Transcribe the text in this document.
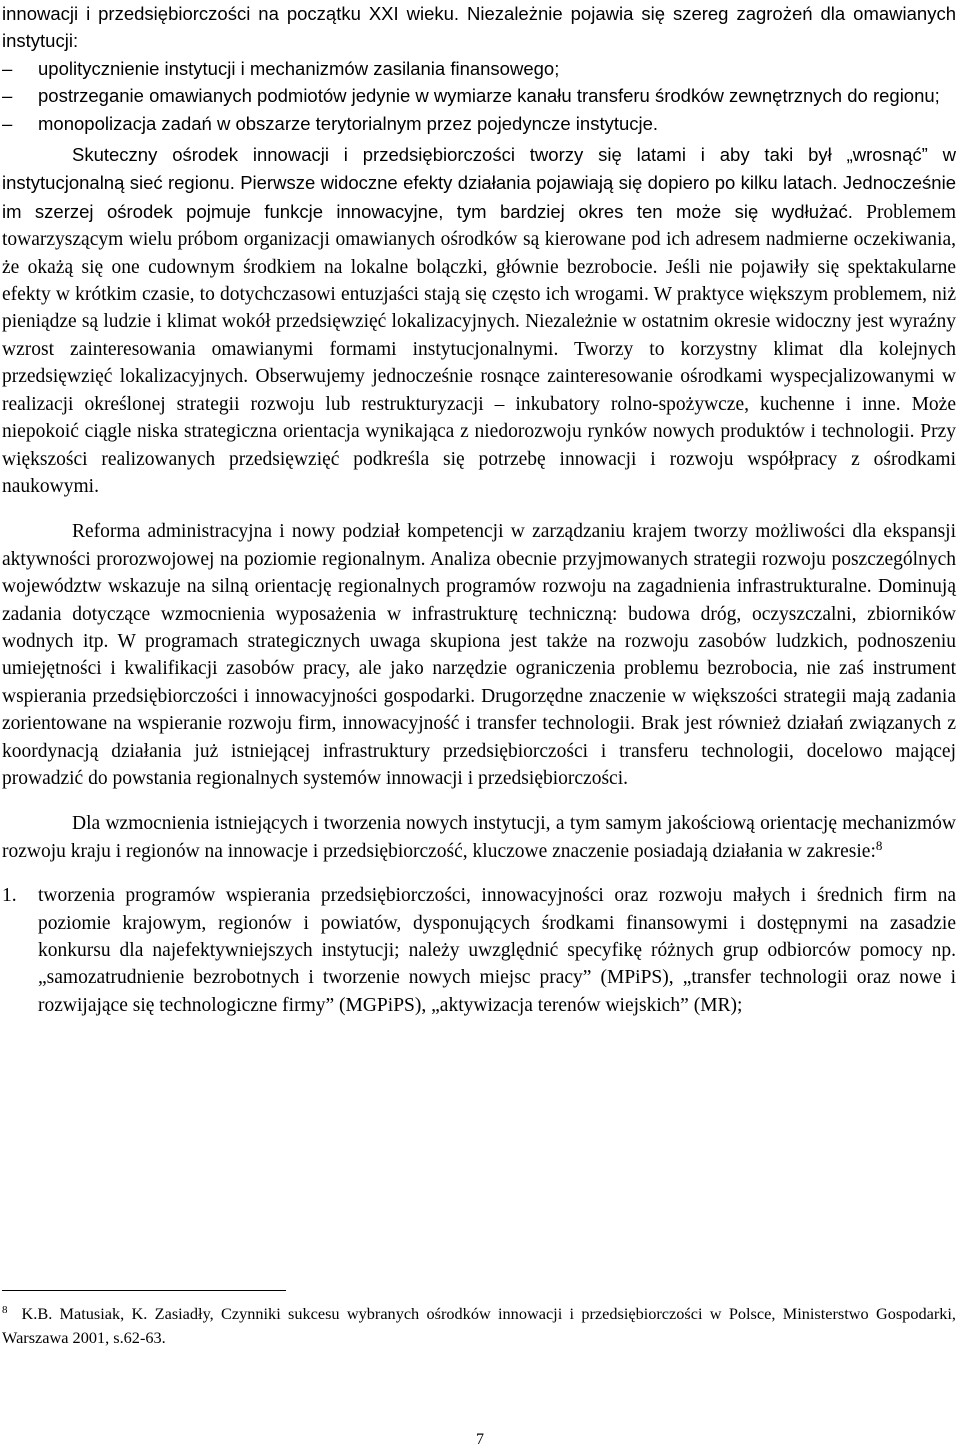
innowacji i przedsiębiorczości na początku XXI wieku. Niezależnie pojawia się szereg zagrożeń dla omawianych instytucji:

– upolitycznienie instytucji i mechanizmów zasilania finansowego;
– postrzeganie omawianych podmiotów jedynie w wymiarze kanału transferu środków zewnętrznych do regionu;
– monopolizacja zadań w obszarze terytorialnym przez pojedyncze instytucje.

Skuteczny ośrodek innowacji i przedsiębiorczości tworzy się latami i aby taki był „wrosnąć” w instytucjonalną sieć regionu. Pierwsze widoczne efekty działania pojawiają się dopiero po kilku latach. Jednocześnie im szerzej ośrodek pojmuje funkcje innowacyjne, tym bardziej okres ten może się wydłużać. Problemem towarzyszącym wielu próbom organizacji omawianych ośrodków są kierowane pod ich adresem nadmierne oczekiwania, że okażą się one cudownym środkiem na lokalne bolączki, głównie bezrobocie. Jeśli nie pojawiły się spektakularne efekty w krótkim czasie, to dotychczasowi entuzjaści stają się często ich wrogami. W praktyce większym problemem, niż pieniądze są ludzie i klimat wokół przedsięwzięć lokalizacyjnych. Niezależnie w ostatnim okresie widoczny jest wyraźny wzrost zainteresowania omawianymi formami instytucjonalnymi. Tworzy to korzystny klimat dla kolejnych przedsięwzięć lokalizacyjnych. Obserwujemy jednocześnie rosnące zainteresowanie ośrodkami wyspecjalizowanymi w realizacji określonej strategii rozwoju lub restrukturyzacji – inkubatory rolno-spożywcze, kuchenne i inne. Może niepokoić ciągle niska strategiczna orientacja wynikająca z niedorozwoju rynków nowych produktów i technologii. Przy większości realizowanych przedsięwzięć podkreśla się potrzebę innowacji i rozwoju współpracy z ośrodkami naukowymi.

Reforma administracyjna i nowy podział kompetencji w zarządzaniu krajem tworzy możliwości dla ekspansji aktywności prorozwojowej na poziomie regionalnym. Analiza obecnie przyjmowanych strategii rozwoju poszczególnych województw wskazuje na silną orientację regionalnych programów rozwoju na zagadnienia infrastrukturalne. Dominują zadania dotyczące wzmocnienia wyposażenia w infrastrukturę techniczną: budowa dróg, oczyszczalni, zbiorników wodnych itp. W programach strategicznych uwaga skupiona jest także na rozwoju zasobów ludzkich, podnoszeniu umiejętności i kwalifikacji zasobów pracy, ale jako narzędzie ograniczenia problemu bezrobocia, nie zaś instrument wspierania przedsiębiorczości i innowacyjności gospodarki. Drugorzędne znaczenie w większości strategii mają zadania zorientowane na wspieranie rozwoju firm, innowacyjność i transfer technologii. Brak jest również działań związanych z koordynacją działania już istniejącej infrastruktury przedsiębiorczości i transferu technologii, docelowo mającej prowadzić do powstania regionalnych systemów innowacji i przedsiębiorczości.

Dla wzmocnienia istniejących i tworzenia nowych instytucji, a tym samym jakościową orientację mechanizmów rozwoju kraju i regionów na innowacje i przedsiębiorczość, kluczowe znaczenie posiadają działania w zakresie:$^8$

1. tworzenia programów wspierania przedsiębiorczości, innowacyjności oraz rozwoju małych i średnich firm na poziomie krajowym, regionów i powiatów, dysponujących środkami finansowymi i dostępnymi na zasadzie konkursu dla najefektywniejszych instytucji; należy uwzględnić specyfikę różnych grup odbiorców pomocy np. „samozatrudnienie bezrobotnych i tworzenie nowych miejsc pracy” (MPiPS), „transfer technologii oraz nowe i rozwijające się technologiczne firmy” (MGPiPS), „aktywizacja terenów wiejskich” (MR);
$^8$ K.B. Matusiak, K. Zasiadły, Czynniki sukcesu wybranych ośrodków innowacji i przedsiębiorczości w Polsce, Ministerstwo Gospodarki, Warszawa 2001, s.62-63.
7
